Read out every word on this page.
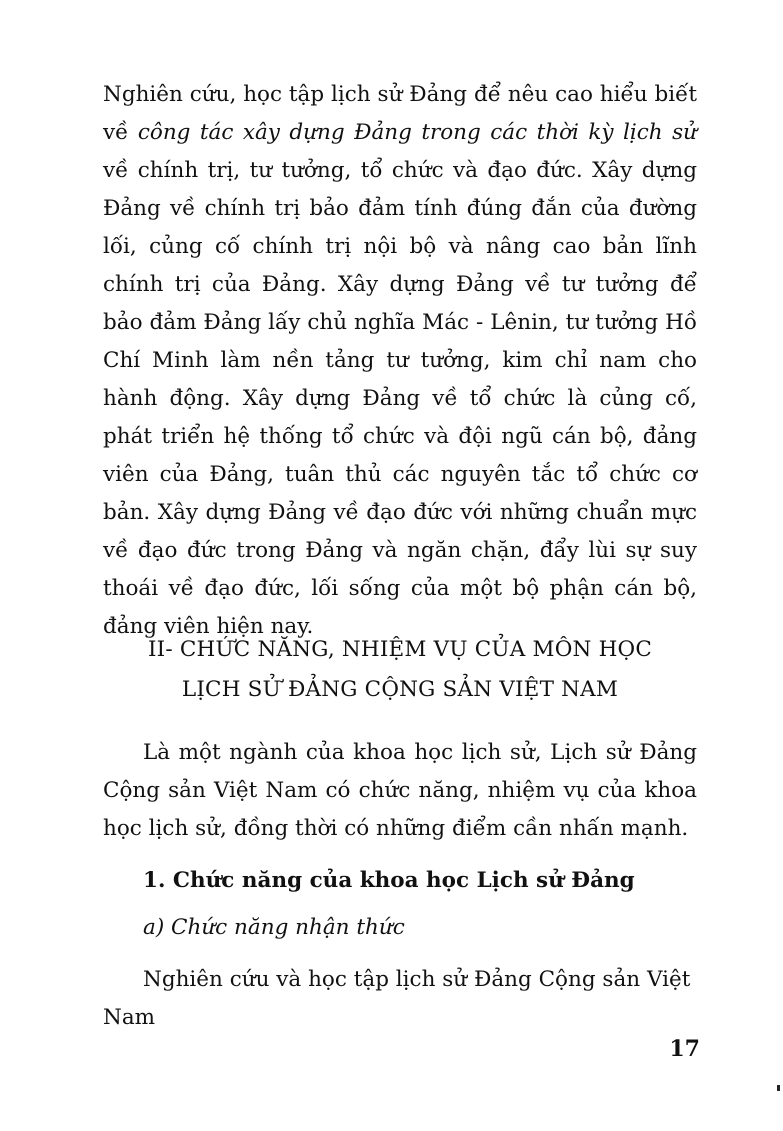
Nghiên cứu, học tập lịch sử Đảng để nêu cao hiểu biết về công tác xây dựng Đảng trong các thời kỳ lịch sử về chính trị, tư tưởng, tổ chức và đạo đức. Xây dựng Đảng về chính trị bảo đảm tính đúng đắn của đường lối, củng cố chính trị nội bộ và nâng cao bản lĩnh chính trị của Đảng. Xây dựng Đảng về tư tưởng để bảo đảm Đảng lấy chủ nghĩa Mác - Lênin, tư tưởng Hồ Chí Minh làm nền tảng tư tưởng, kim chỉ nam cho hành động. Xây dựng Đảng về tổ chức là củng cố, phát triển hệ thống tổ chức và đội ngũ cán bộ, đảng viên của Đảng, tuân thủ các nguyên tắc tổ chức cơ bản. Xây dựng Đảng về đạo đức với những chuẩn mực về đạo đức trong Đảng và ngăn chặn, đẩy lùi sự suy thoái về đạo đức, lối sống của một bộ phận cán bộ, đảng viên hiện nay.

II- CHỨC NĂNG, NHIỆM VỤ CỦA MÔN HỌC
LỊCH SỬ ĐẢNG CỘNG SẢN VIỆT NAM

Là một ngành của khoa học lịch sử, Lịch sử Đảng Cộng sản Việt Nam có chức năng, nhiệm vụ của khoa học lịch sử, đồng thời có những điểm cần nhấn mạnh.

1. Chức năng của khoa học Lịch sử Đảng
a) Chức năng nhận thức

Nghiên cứu và học tập lịch sử Đảng Cộng sản Việt Nam

17
